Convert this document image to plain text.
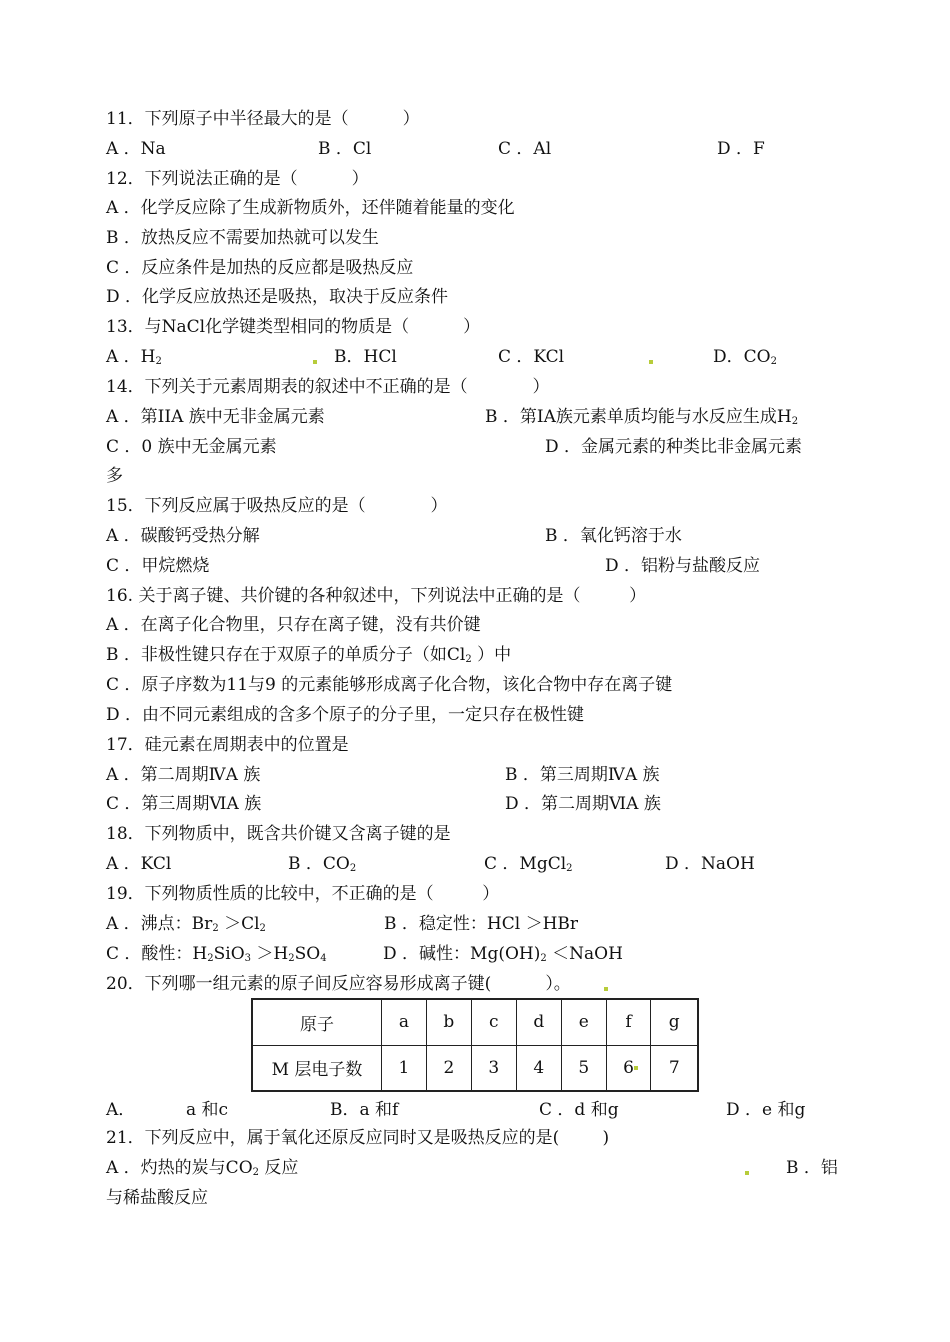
11．下列原子中半径最大的是（          ）
A ．Na	B ．Cl	C ．Al	D ．F
12．下列说法正确的是（          ）
A ．化学反应除了生成新物质外，还伴随着能量的变化
B ．放热反应不需要加热就可以发生
C ．反应条件是加热的反应都是吸热反应
D ．化学反应放热还是吸热，取决于反应条件
13．与NaCl化学键类型相同的物质是（          ）
A ．$H_2$	B．HCl	C ．KCl	D．$CO_2$
14．下列关于元素周期表的叙述中不正确的是（            ）
A ．第IIA 族中无非金属元素	B ．第IA族元素单质均能与水反应生成$H_2$
C ．0 族中无金属元素	D ．金属元素的种类比非金属元素
多
15．下列反应属于吸热反应的是（            ）
A ．碳酸钙受热分解	B ．氧化钙溶于水
C ．甲烷燃烧	D ．铝粉与盐酸反应
16. 关于离子键、共价键的各种叙述中，下列说法中正确的是（         ）
A ．在离子化合物里，只存在离子键，没有共价键
B ．非极性键只存在于双原子的单质分子（如$Cl_2$ ）中
C ．原子序数为11与9 的元素能够形成离子化合物，该化合物中存在离子键
D ．由不同元素组成的含多个原子的分子里，一定只存在极性键
17．硅元素在周期表中的位置是
A ．第二周期ⅣA 族	B ．第三周期ⅣA 族
C ．第三周期ⅥA 族	D ．第二周期ⅥA 族
18．下列物质中，既含共价键又含离子键的是
A ．KCl	B ．$CO_2$	C ．MgCl$_2$	D ．NaOH
19．下列物质性质的比较中，不正确的是（         ）
A ．沸点：$Br_2 >Cl_2$	B ．稳定性：HCl ＞HBr
C ．酸性：$H_2SiO_3 >H_2SO_4$	D ．碱性：$Mg(OH)_2$ ＜NaOH
20．下列哪一组元素的原子间反应容易形成离子键(          ）。
原子	a	b	c	d	e	f	g
M 层电子数	1	2	3	4	5	6	7
A．	a 和c	B．a 和f	C ．d 和g	D ．e 和g
21．下列反应中，属于氧化还原反应同时又是吸热反应的是(        )
A ．灼热的炭与$CO_2$ 反应	B ．铝
与稀盐酸反应
